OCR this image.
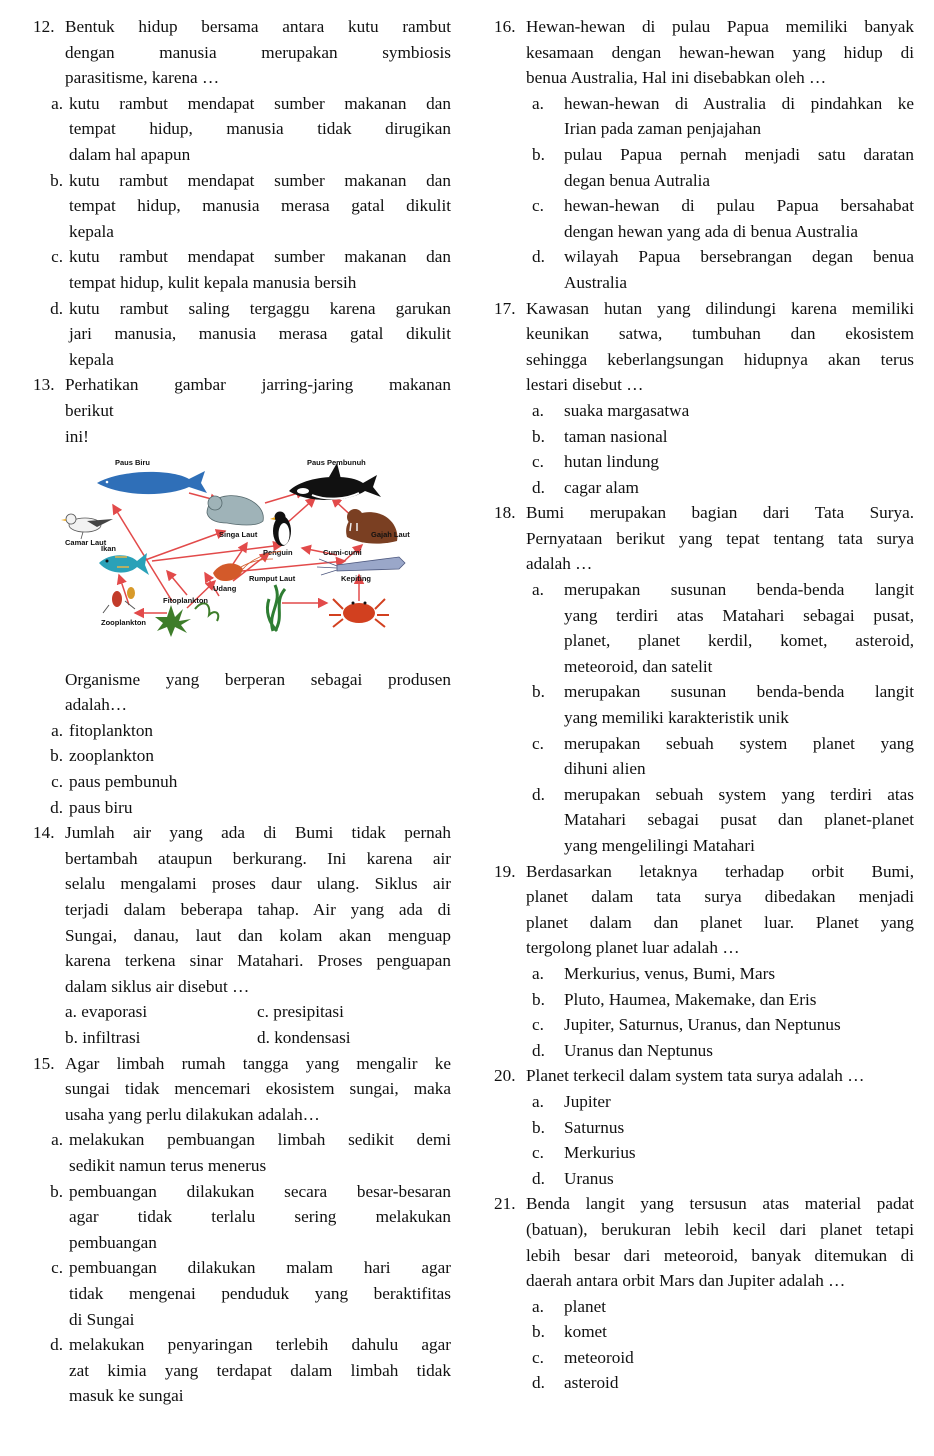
12. Bentuk hidup bersama antara kutu rambut
dengan manusia merupakan symbiosis
parasitisme, karena …
a. kutu rambut mendapat sumber makanan dan
tempat hidup, manusia tidak dirugikan
dalam hal apapun
b. kutu rambut mendapat sumber makanan dan
tempat hidup, manusia merasa gatal dikulit
kepala
c. kutu rambut mendapat sumber makanan dan
tempat hidup, kulit kepala manusia bersih
d. kutu rambut saling tergaggu karena garukan
jari manusia, manusia merasa gatal dikulit
kepala
13. Perhatikan gambar jarring-jaring makanan
berikut
ini!
Paus Biru	Paus Pembunuh
Camar Laut
Singa Laut
Penguin
Gajah Laut
Ikan
Udang
Cumi-cumi
Rumput Laut	Kepiting
Fitoplankton
Zooplankton
Organisme yang berperan sebagai produsen
adalah…
a. fitoplankton
b. zooplankton
c. paus pembunuh
d. paus biru
14. Jumlah air yang ada di Bumi tidak pernah
bertambah ataupun berkurang. Ini karena air
selalu mengalami proses daur ulang. Siklus air
terjadi dalam beberapa tahap. Air yang ada di
Sungai, danau, laut dan kolam akan menguap
karena terkena sinar Matahari. Proses penguapan
dalam siklus air disebut …
a. evaporasi	c. presipitasi
b. infiltrasi	d. kondensasi
15. Agar limbah rumah tangga yang mengalir ke
sungai tidak mencemari ekosistem sungai, maka
usaha yang perlu dilakukan adalah…
a. melakukan pembuangan limbah sedikit demi
sedikit namun terus menerus
b. pembuangan dilakukan secara besar-besaran
agar tidak terlalu sering melakukan
pembuangan
c. pembuangan dilakukan malam hari agar
tidak mengenai penduduk yang beraktifitas
di Sungai
d. melakukan penyaringan terlebih dahulu agar
zat kimia yang terdapat dalam limbah tidak
masuk ke sungai
16. Hewan-hewan di pulau Papua memiliki banyak
kesamaan dengan hewan-hewan yang hidup di
benua Australia, Hal ini disebabkan oleh …
a. hewan-hewan di Australia di pindahkan ke
Irian pada zaman penjajahan
b. pulau Papua pernah menjadi satu daratan
degan benua Autralia
c. hewan-hewan di pulau Papua bersahabat
dengan hewan yang ada di benua Australia
d. wilayah Papua bersebrangan degan benua
Australia
17. Kawasan hutan yang dilindungi karena memiliki
keunikan satwa, tumbuhan dan ekosistem
sehingga keberlangsungan hidupnya akan terus
lestari disebut …
a. suaka margasatwa
b. taman nasional
c. hutan lindung
d. cagar alam
18. Bumi merupakan bagian dari Tata Surya.
Pernyataan berikut yang tepat tentang tata surya
adalah …
a. merupakan susunan benda-benda langit
yang terdiri atas Matahari sebagai pusat,
planet, planet kerdil, komet, asteroid,
meteoroid, dan satelit
b. merupakan susunan benda-benda langit
yang memiliki karakteristik unik
c. merupakan sebuah system planet yang
dihuni alien
d. merupakan sebuah system yang terdiri atas
Matahari sebagai pusat dan planet-planet
yang mengelilingi Matahari
19. Berdasarkan letaknya terhadap orbit Bumi,
planet dalam tata surya dibedakan menjadi
planet dalam dan planet luar. Planet yang
tergolong planet luar adalah …
a. Merkurius, venus, Bumi, Mars
b. Pluto, Haumea, Makemake, dan Eris
c. Jupiter, Saturnus, Uranus, dan Neptunus
d. Uranus dan Neptunus
20. Planet terkecil dalam system tata surya adalah …
a. Jupiter
b. Saturnus
c. Merkurius
d. Uranus
21. Benda langit yang tersusun atas material padat
(batuan), berukuran lebih kecil dari planet tetapi
lebih besar dari meteoroid, banyak ditemukan di
daerah antara orbit Mars dan Jupiter adalah …
a. planet
b. komet
c. meteoroid
d. asteroid
